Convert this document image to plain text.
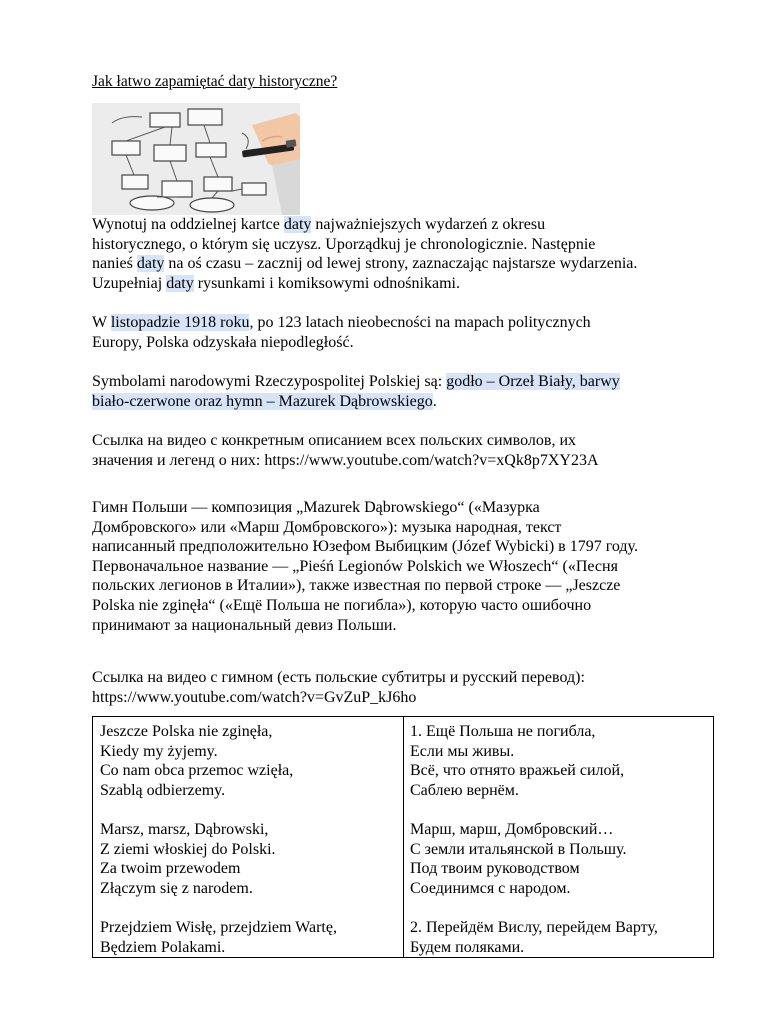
Jak łatwo zapamiętać daty historyczne?
Wynotuj na oddzielnej kartce daty najważniejszych wydarzeń z okresu
historycznego, o którym się uczysz. Uporządkuj je chronologicznie. Następnie
nanieś daty na oś czasu – zacznij od lewej strony, zaznaczając najstarsze wydarzenia.
Uzupełniaj daty rysunkami i komiksowymi odnośnikami.
W listopadzie 1918 roku, po 123 latach nieobecności na mapach politycznych
Europy, Polska odzyskała niepodległość.
Symbolami narodowymi Rzeczypospolitej Polskiej są: godło – Orzeł Biały, barwy
biało-czerwone oraz hymn – Mazurek Dąbrowskiego.
Ссылка на видео с конкретным описанием всех польских символов, их
значения и легенд о них: https://www.youtube.com/watch?v=xQk8p7XY23A
Гимн Польши — композиция „Mazurek Dąbrowskiego“ («Мазурка
Домбровского» или «Марш Домбровского»): музыка народная, текст
написанный предположительно Юзефом Выбицким (Józef Wybicki) в 1797 году.
Первоначальное название — „Pieśń Legionów Polskich we Włoszech“ («Песня
польских легионов в Италии»), также известная по первой строке — „Jeszcze
Polska nie zginęła“ («Ещё Польша не погибла»), которую часто ошибочно
принимают за национальный девиз Польши.
Ссылка на видео с гимном (есть польские субтитры и русский перевод):
https://www.youtube.com/watch?v=GvZuP_kJ6ho
Jeszcze Polska nie zginęła,
Kiedy my żyjemy.
Co nam obca przemoc wzięła,
Szablą odbierzemy.
Marsz, marsz, Dąbrowski,
Z ziemi włoskiej do Polski.
Za twoim przewodem
Złączym się z narodem.
Przejdziem Wisłę, przejdziem Wartę,
Będziem Polakami.
1. Ещё Польша не погибла,
Если мы живы.
Всё, что отнято вражьей силой,
Саблею вернём.
Марш, марш, Домбровский…
С земли итальянской в Польшу.
Под твоим руководством
Соединимся с народом.
2. Перейдём Вислу, перейдем Варту,
Будем поляками.
